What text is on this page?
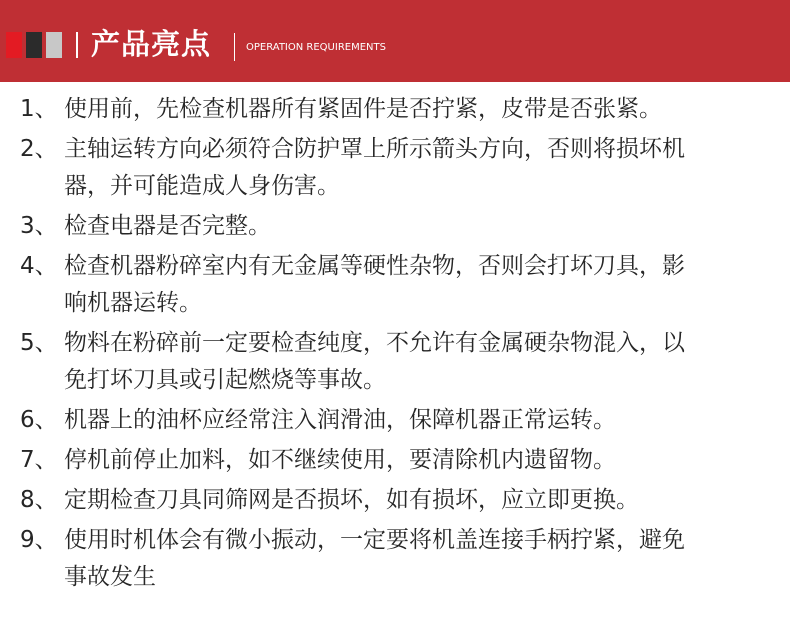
产品亮点	OPERATION REQUIREMENTS
1、 使用前，先检查机器所有紧固件是否拧紧，皮带是否张紧。
2、 主轴运转方向必须符合防护罩上所示箭头方向，否则将损坏机
器，并可能造成人身伤害。
3、 检查电器是否完整。
4、 检查机器粉碎室内有无金属等硬性杂物，否则会打坏刀具，影
响机器运转。
5、 物料在粉碎前一定要检查纯度，不允许有金属硬杂物混入，以
免打坏刀具或引起燃烧等事故。
6、 机器上的油杯应经常注入润滑油，保障机器正常运转。
7、 停机前停止加料，如不继续使用，要清除机内遗留物。
8、 定期检查刀具同筛网是否损坏，如有损坏，应立即更换。
9、 使用时机体会有微小振动，一定要将机盖连接手柄拧紧，避免
事故发生
